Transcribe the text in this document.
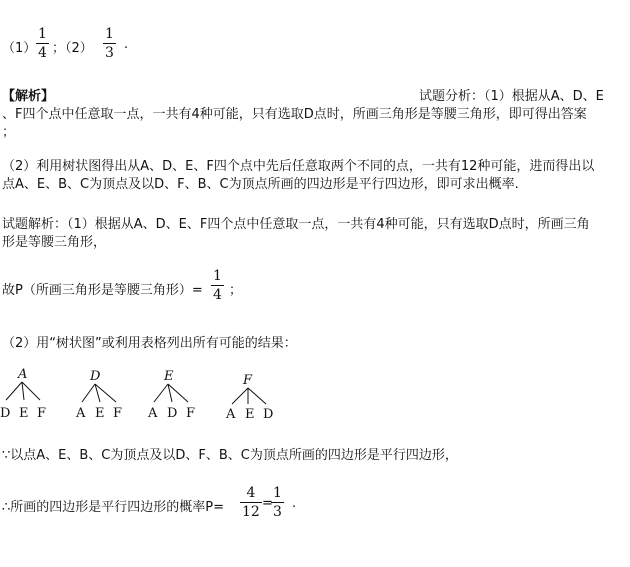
（1）
1
4 ；（2）
1
3
.
【解析】	试题分析：（1）根据从A、D、E
、F四个点中任意取一点，一共有4种可能，只有选取D点时，所画三角形是等腰三角形，即可得出答案
；
（2）利用树状图得出从A、D、E、F四个点中先后任意取两个不同的点，一共有12种可能，进而得出以
点A、E、B、C为顶点及以D、F、B、C为顶点所画的四边形是平行四边形，即可求出概率.
试题解析：（1）根据从A、D、E、F四个点中任意取一点，一共有4种可能，只有选取D点时，所画三角
形是等腰三角形，
故P（所画三角形是等腰三角形）=
1
4 ；
（2）用“树状图”或利用表格列出所有可能的结果：
A
D E F
D
A E F
E
A D F
F
A E D
∵以点A、E、B、C为顶点及以D、F、B、C为顶点所画的四边形是平行四边形，
∴所画的四边形是平行四边形的概率P=
4
12
=
1
3
.
